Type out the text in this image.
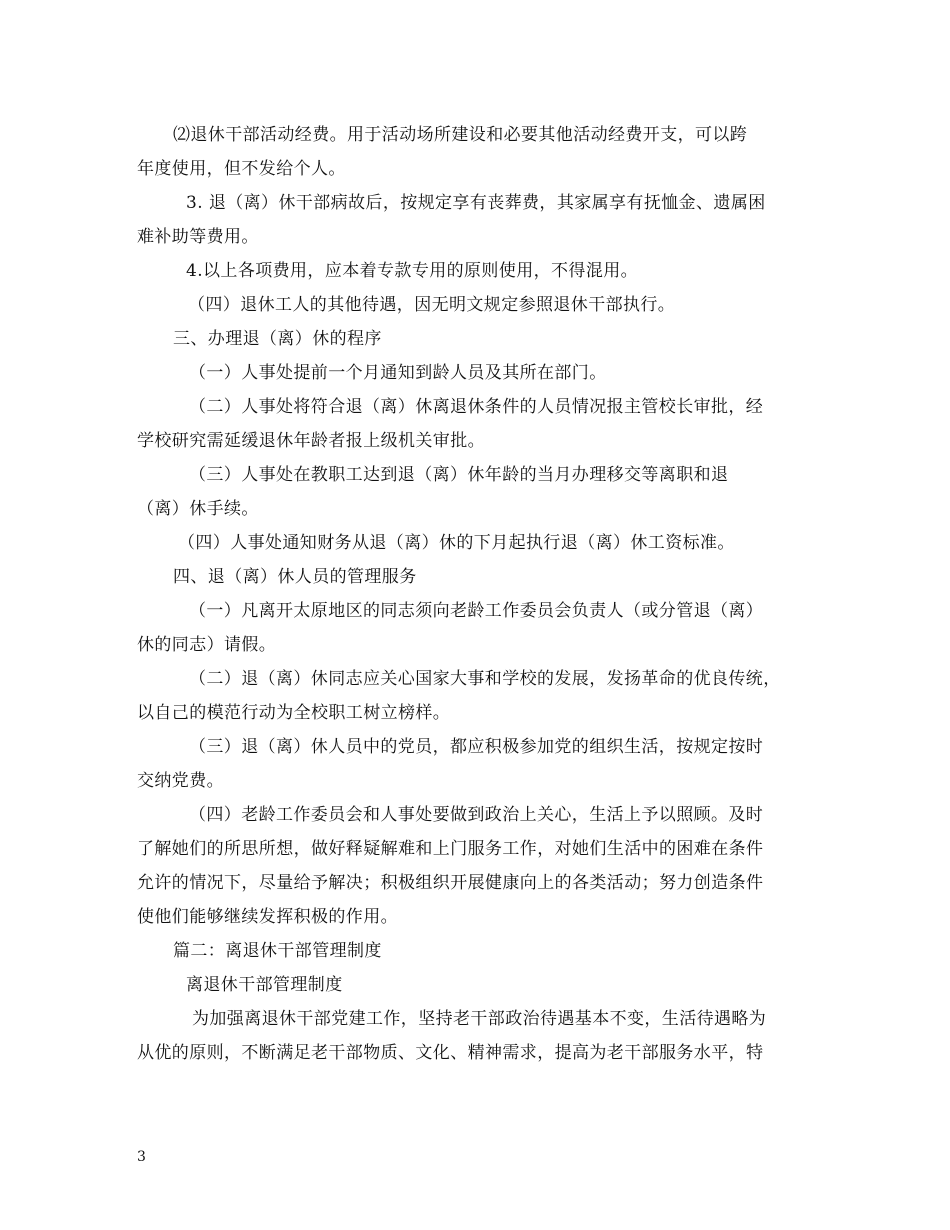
⑵退休干部活动经费。用于活动场所建设和必要其他活动经费开支，可以跨
年度使用，但不发给个人。
3. 退（离）休干部病故后，按规定享有丧葬费，其家属享有抚恤金、遗属困
难补助等费用。
4.以上各项费用，应本着专款专用的原则使用，不得混用。
（四）退休工人的其他待遇，因无明文规定参照退休干部执行。
三、办理退（离）休的程序
（一）人事处提前一个月通知到龄人员及其所在部门。
（二）人事处将符合退（离）休离退休条件的人员情况报主管校长审批，经
学校研究需延缓退休年龄者报上级机关审批。
（三）人事处在教职工达到退（离）休年龄的当月办理移交等离职和退
（离）休手续。
（四）人事处通知财务从退（离）休的下月起执行退（离）休工资标准。
四、退（离）休人员的管理服务
（一）凡离开太原地区的同志须向老龄工作委员会负责人（或分管退（离）
休的同志）请假。
（二）退（离）休同志应关心国家大事和学校的发展，发扬革命的优良传统，
以自己的模范行动为全校职工树立榜样。
（三）退（离）休人员中的党员，都应积极参加党的组织生活，按规定按时
交纳党费。
（四）老龄工作委员会和人事处要做到政治上关心，生活上予以照顾。及时
了解她们的所思所想，做好释疑解难和上门服务工作，对她们生活中的困难在条件
允许的情况下，尽量给予解决；积极组织开展健康向上的各类活动；努力创造条件
使他们能够继续发挥积极的作用。
篇二：离退休干部管理制度
离退休干部管理制度
为加强离退休干部党建工作，坚持老干部政治待遇基本不变，生活待遇略为
从优的原则，不断满足老干部物质、文化、精神需求，提高为老干部服务水平，特
3
